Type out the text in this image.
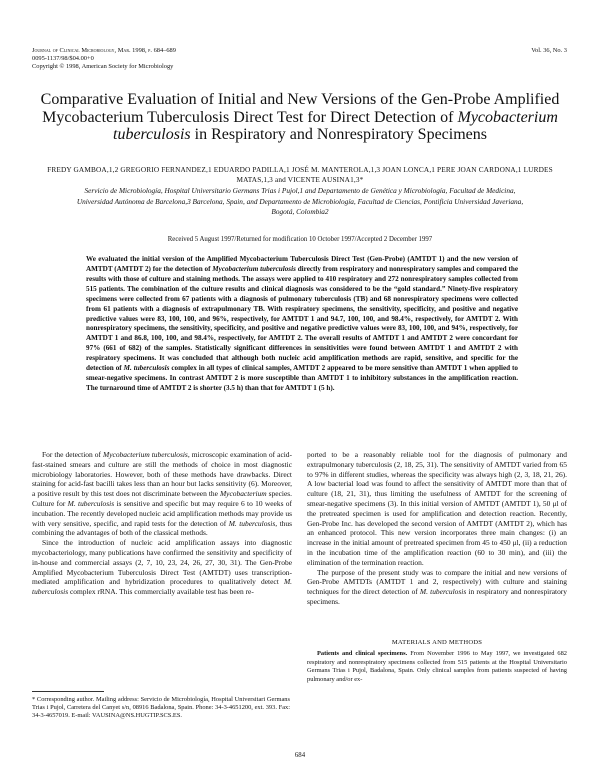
Journal of Clinical Microbiology, Mar. 1998, p. 684–689	Vol. 36, No. 3
0095-1137/98/$04.00+0
Copyright © 1998, American Society for Microbiology
Comparative Evaluation of Initial and New Versions of the Gen-Probe Amplified Mycobacterium Tuberculosis Direct Test for Direct Detection of Mycobacterium tuberculosis in Respiratory and Nonrespiratory Specimens
FREDY GAMBOA,1,2 GREGORIO FERNANDEZ,1 EDUARDO PADILLA,1 JOSÉ M. MANTEROLA,1,3 JOAN LONCA,1 PERE JOAN CARDONA,1 LURDES MATAS,1,3 and VICENTE AUSINA1,3*
Servicio de Microbiología, Hospital Universitario Germans Trias i Pujol,1 and Departamento de Genética y Microbiología, Facultad de Medicina, Universidad Autónoma de Barcelona,3 Barcelona, Spain, and Departamento de Microbiología, Facultad de Ciencias, Pontificia Universidad Javeriana, Bogotá, Colombia2
Received 5 August 1997/Returned for modification 10 October 1997/Accepted 2 December 1997
We evaluated the initial version of the Amplified Mycobacterium Tuberculosis Direct Test (Gen-Probe) (AMTDT 1) and the new version of AMTDT (AMTDT 2) for the detection of Mycobacterium tuberculosis directly from respiratory and nonrespiratory samples and compared the results with those of culture and staining methods. The assays were applied to 410 respiratory and 272 nonrespiratory samples collected from 515 patients. The combination of the culture results and clinical diagnosis was considered to be the “gold standard.” Ninety-five respiratory specimens were collected from 67 patients with a diagnosis of pulmonary tuberculosis (TB) and 68 nonrespiratory specimens were collected from 61 patients with a diagnosis of extrapulmonary TB. With respiratory specimens, the sensitivity, specificity, and positive and negative predictive values were 83, 100, 100, and 96%, respectively, for AMTDT 1 and 94.7, 100, 100, and 98.4%, respectively, for AMTDT 2. With nonrespiratory specimens, the sensitivity, specificity, and positive and negative predictive values were 83, 100, 100, and 94%, respectively, for AMTDT 1 and 86.8, 100, 100, and 98.4%, respectively, for AMTDT 2. The overall results of AMTDT 1 and AMTDT 2 were concordant for 97% (661 of 682) of the samples. Statistically significant differences in sensitivities were found between AMTDT 1 and AMTDT 2 with respiratory specimens. It was concluded that although both nucleic acid amplification methods are rapid, sensitive, and specific for the detection of M. tuberculosis complex in all types of clinical samples, AMTDT 2 appeared to be more sensitive than AMTDT 1 when applied to smear-negative specimens. In contrast AMTDT 2 is more susceptible than AMTDT 1 to inhibitory substances in the amplification reaction. The turnaround time of AMTDT 2 is shorter (3.5 h) than that for AMTDT 1 (5 h).

For the detection of Mycobacterium tuberculosis, microscopic examination of acid-fast-stained smears and culture are still the methods of choice in most diagnostic microbiology laboratories. However, both of these methods have drawbacks. Direct staining for acid-fast bacilli takes less than an hour but lacks sensitivity (6). Moreover, a positive result by this test does not discriminate between the Mycobacterium species. Culture for M. tuberculosis is sensitive and specific but may require 6 to 10 weeks of incubation. The recently developed nucleic acid amplification methods may provide us with very sensitive, specific, and rapid tests for the detection of M. tuberculosis, thus combining the advantages of both of the classical methods.

Since the introduction of nucleic acid amplification assays into diagnostic mycobacteriology, many publications have confirmed the sensitivity and specificity of in-house and commercial assays (2, 7, 10, 23, 24, 26, 27, 30, 31). The Gen-Probe Amplified Mycobacterium Tuberculosis Direct Test (AMTDT) uses transcription-mediated amplification and hybridization procedures to qualitatively detect M. tuberculosis complex rRNA. This commercially available test has been re-

ported to be a reasonably reliable tool for the diagnosis of pulmonary and extrapulmonary tuberculosis (2, 18, 25, 31). The sensitivity of AMTDT varied from 65 to 97% in different studies, whereas the specificity was always high (2, 3, 18, 21, 26). A low bacterial load was found to affect the sensitivity of AMTDT more than that of culture (18, 21, 31), thus limiting the usefulness of AMTDT for the screening of smear-negative specimens (3). In this initial version of AMTDT (AMTDT 1), 50 μl of the pretreated specimen is used for amplification and detection reaction. Recently, Gen-Probe Inc. has developed the second version of AMTDT (AMTDT 2), which has an enhanced protocol. This new version incorporates three main changes: (i) an increase in the initial amount of pretreated specimen from 45 to 450 μl, (ii) a reduction in the incubation time of the amplification reaction (60 to 30 min), and (iii) the elimination of the termination reaction.

The purpose of the present study was to compare the initial and new versions of Gen-Probe AMTDTs (AMTDT 1 and 2, respectively) with culture and staining techniques for the direct detection of M. tuberculosis in respiratory and nonrespiratory specimens.

MATERIALS AND METHODS
Patients and clinical specimens. From November 1996 to May 1997, we investigated 682 respiratory and nonrespiratory specimens collected from 515 patients at the Hospital Universitario Germans Trias i Pujol, Badalona, Spain. Only clinical samples from patients suspected of having pulmonary and/or ex-
* Corresponding author. Mailing address: Servicio de Microbiología, Hospital Universitari Germans Trias i Pujol, Carretera del Canyet s/n, 08916 Badalona, Spain. Phone: 34-3-4651200, ext. 393. Fax: 34-3-4657019. E-mail: VAUSINA@NS.HUGTIP.SCS.ES.
684
